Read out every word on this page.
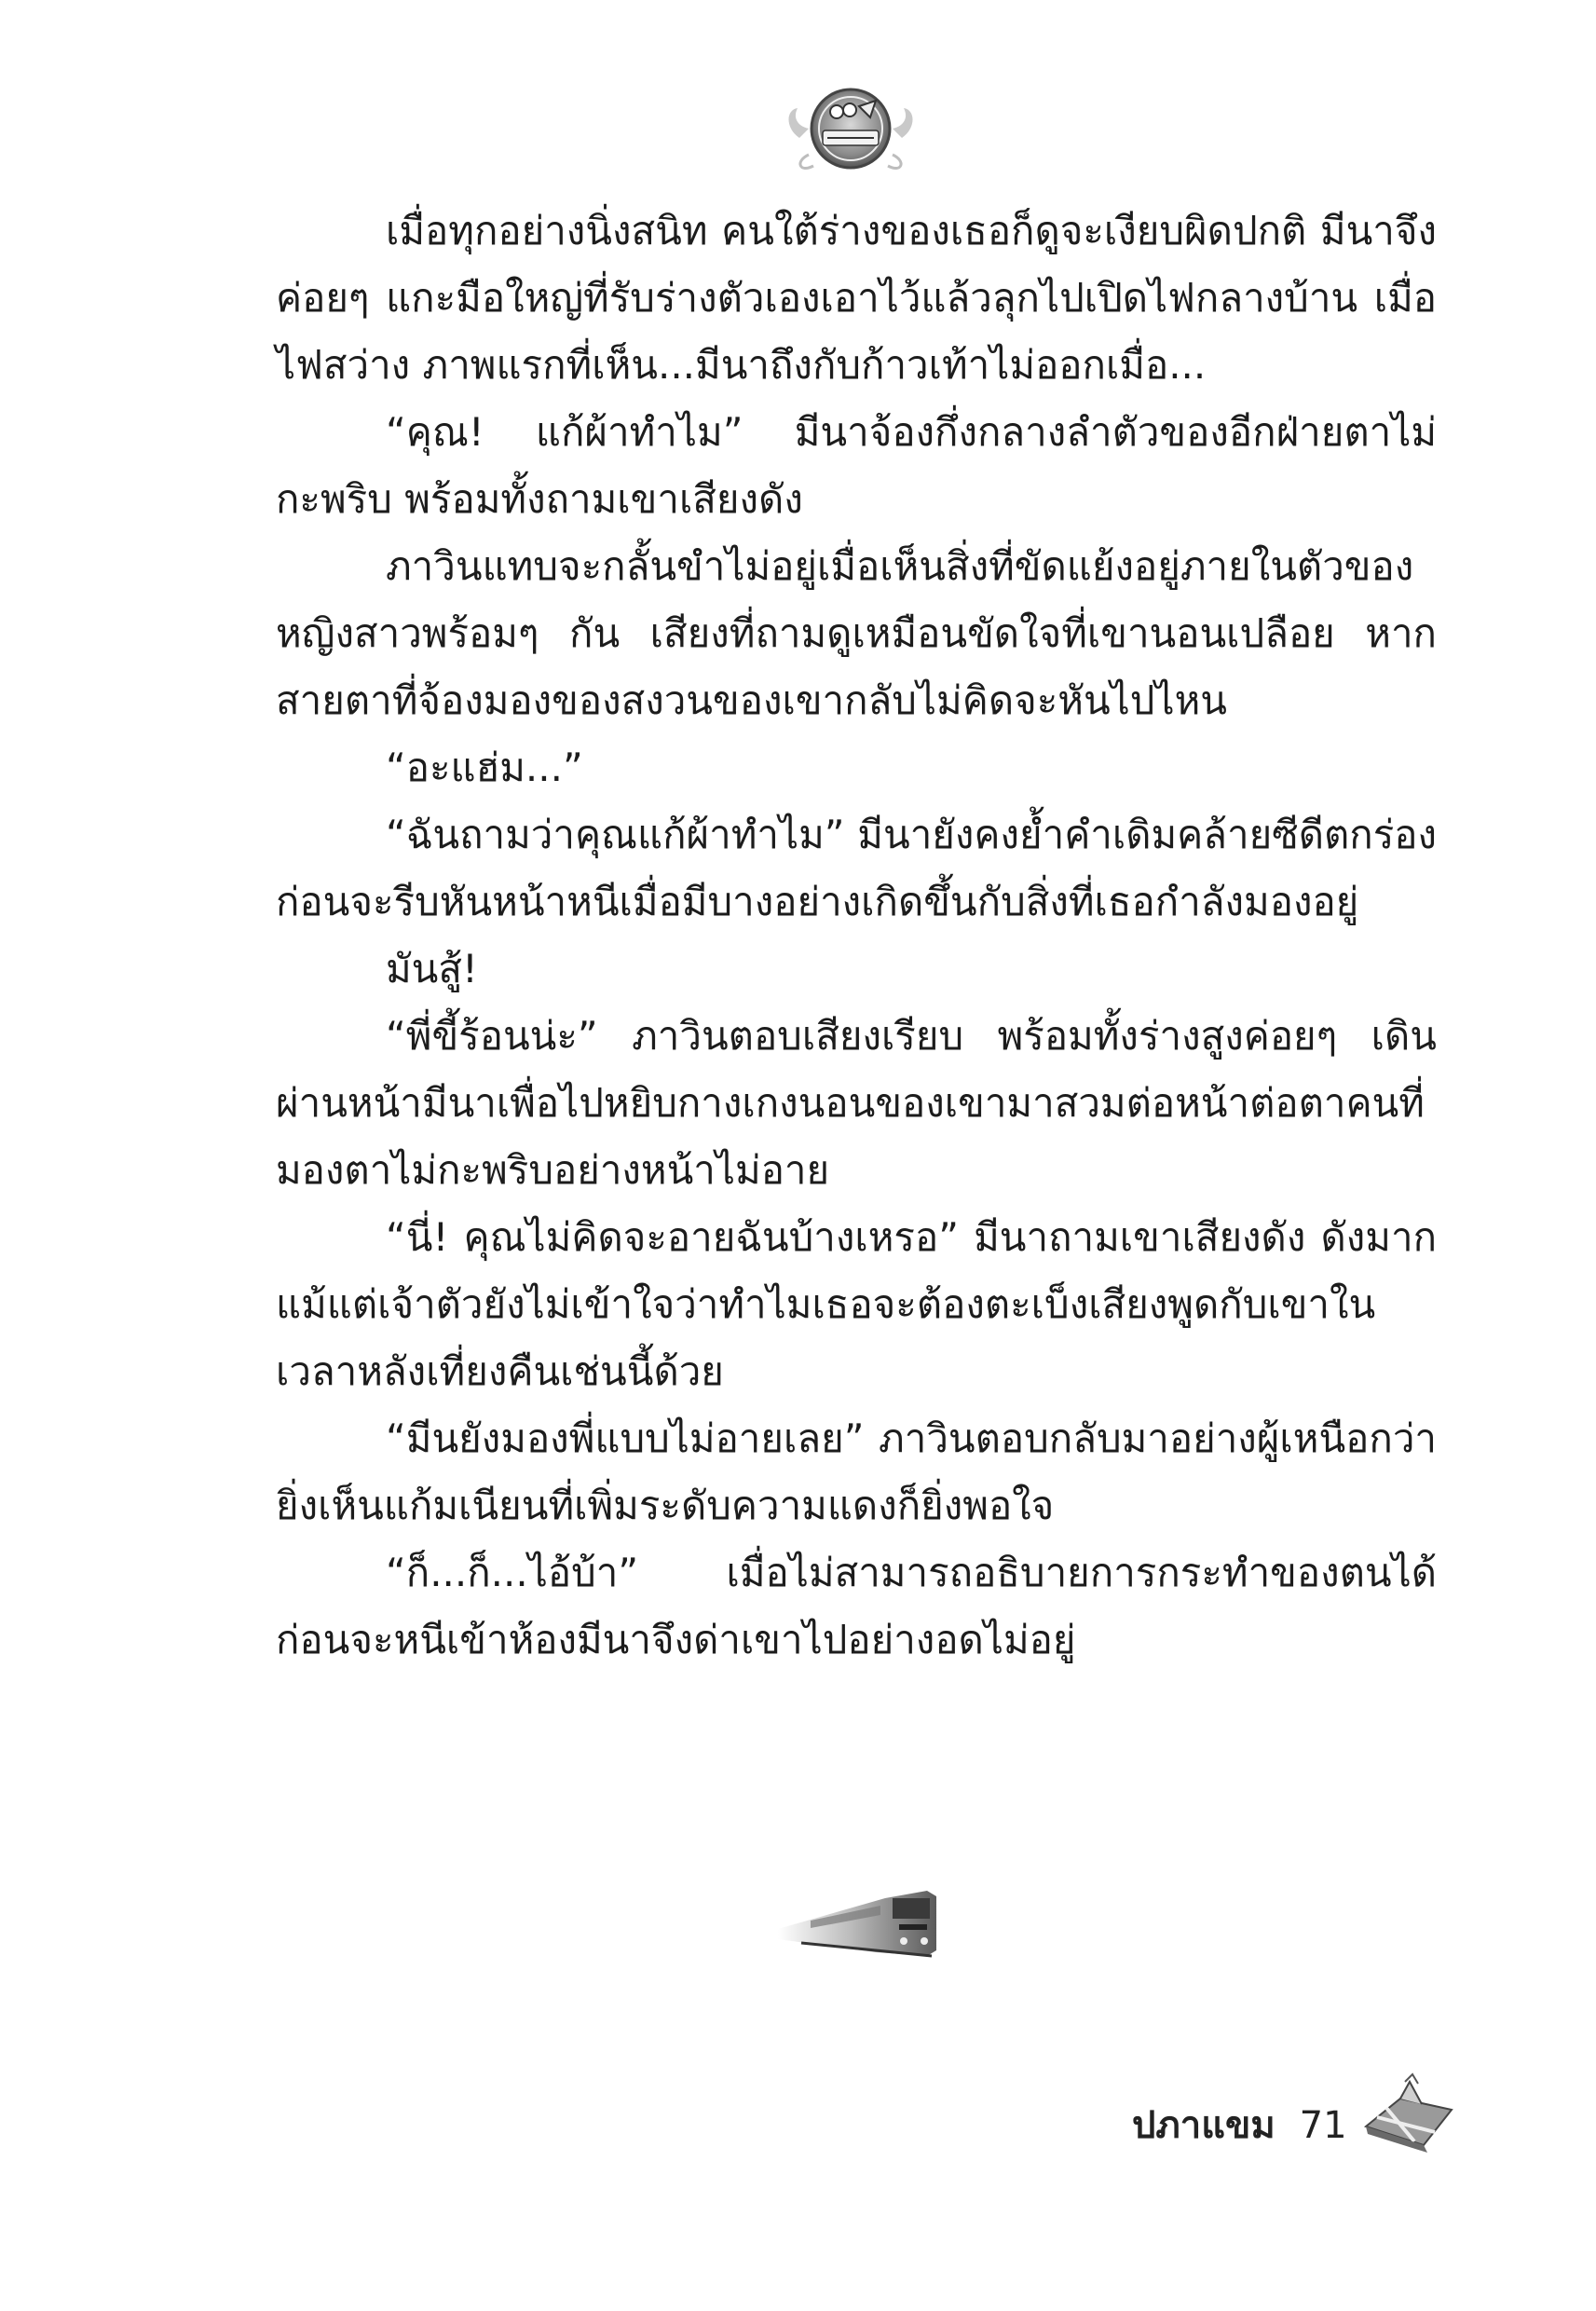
เมื่อทุกอย่างนิ่งสนิท คนใต้ร่างของเธอก็ดูจะเงียบผิดปกติ มีนาจึงค่อยๆ แกะมือใหญ่ที่รับร่างตัวเองเอาไว้แล้วลุกไปเปิดไฟกลางบ้าน เมื่อไฟสว่าง ภาพแรกที่เห็น...มีนาถึงกับก้าวเท้าไม่ออกเมื่อ...

“คุณ! แก้ผ้าทำไม” มีนาจ้องกึ่งกลางลำตัวของอีกฝ่ายตาไม่กะพริบ พร้อมทั้งถามเขาเสียงดัง

ภาวินแทบจะกลั้นขำไม่อยู่เมื่อเห็นสิ่งที่ขัดแย้งอยู่ภายในตัวของหญิงสาวพร้อมๆ กัน เสียงที่ถามดูเหมือนขัดใจที่เขานอนเปลือย หากสายตาที่จ้องมองของสงวนของเขากลับไม่คิดจะหันไปไหน

“อะแฮ่ม...”

“ฉันถามว่าคุณแก้ผ้าทำไม” มีนายังคงย้ำคำเดิมคล้ายซีดีตกร่อง ก่อนจะรีบหันหน้าหนีเมื่อมีบางอย่างเกิดขึ้นกับสิ่งที่เธอกำลังมองอยู่

มันสู้!

“พี่ขี้ร้อนน่ะ” ภาวินตอบเสียงเรียบ พร้อมทั้งร่างสูงค่อยๆ เดินผ่านหน้ามีนาเพื่อไปหยิบกางเกงนอนของเขามาสวมต่อหน้าต่อตาคนที่มองตาไม่กะพริบอย่างหน้าไม่อาย

“นี่! คุณไม่คิดจะอายฉันบ้างเหรอ” มีนาถามเขาเสียงดัง ดังมากแม้แต่เจ้าตัวยังไม่เข้าใจว่าทำไมเธอจะต้องตะเบ็งเสียงพูดกับเขาในเวลาหลังเที่ยงคืนเช่นนี้ด้วย

“มีนยังมองพี่แบบไม่อายเลย” ภาวินตอบกลับมาอย่างผู้เหนือกว่า ยิ่งเห็นแก้มเนียนที่เพิ่มระดับความแดงก็ยิ่งพอใจ

“ก็...ก็...ไอ้บ้า” เมื่อไม่สามารถอธิบายการกระทำของตนได้ ก่อนจะหนีเข้าห้องมีนาจึงด่าเขาไปอย่างอดไม่อยู่

ปภาแขม 71
